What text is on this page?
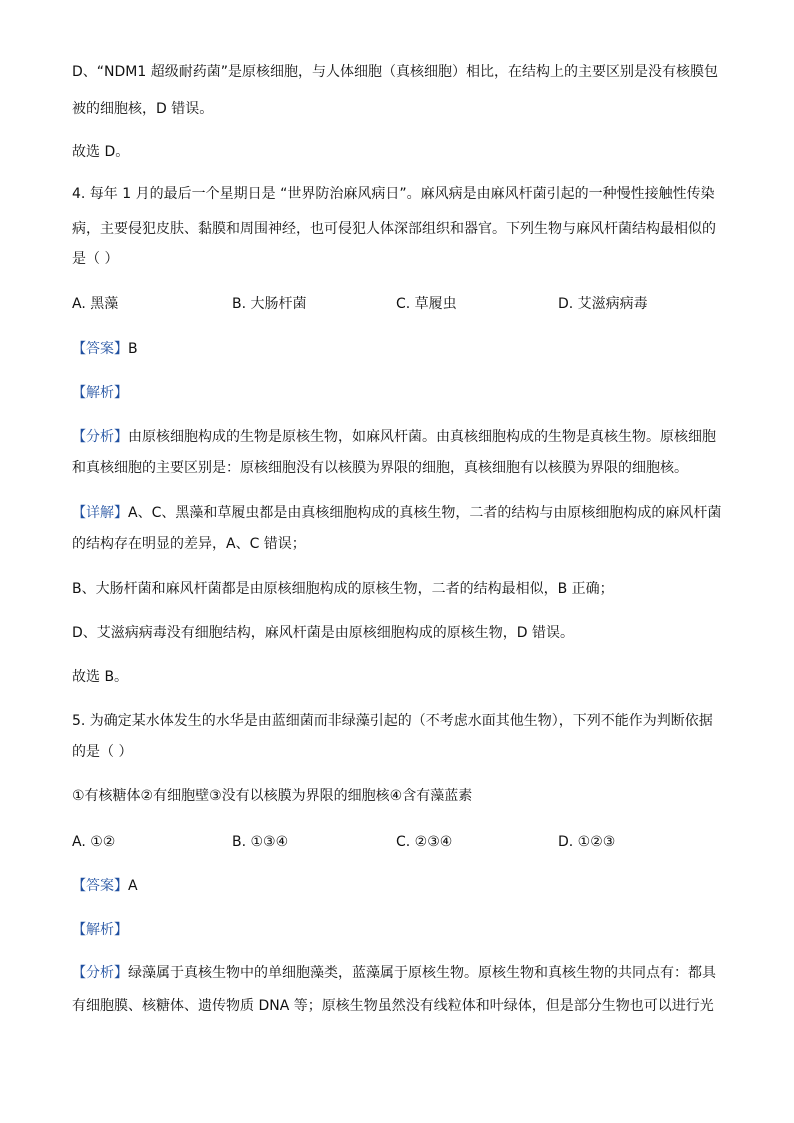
D、“NDM1 超级耐药菌”是原核细胞，与人体细胞（真核细胞）相比，在结构上的主要区别是没有核膜包
被的细胞核，D 错误。
故选 D。
4. 每年 1 月的最后一个星期日是 “世界防治麻风病日”。麻风病是由麻风杆菌引起的一种慢性接触性传染
病，主要侵犯皮肤、黏膜和周围神经，也可侵犯人体深部组织和器官。下列生物与麻风杆菌结构最相似的
是（ ）
A. 黑藻	B. 大肠杆菌	C. 草履虫	D. 艾滋病病毒
【答案】B
【解析】
【分析】由原核细胞构成的生物是原核生物，如麻风杆菌。由真核细胞构成的生物是真核生物。原核细胞
和真核细胞的主要区别是：原核细胞没有以核膜为界限的细胞，真核细胞有以核膜为界限的细胞核。
【详解】A、C、黑藻和草履虫都是由真核细胞构成的真核生物，二者的结构与由原核细胞构成的麻风杆菌
的结构存在明显的差异，A、C 错误；
B、大肠杆菌和麻风杆菌都是由原核细胞构成的原核生物，二者的结构最相似，B 正确；
D、艾滋病病毒没有细胞结构，麻风杆菌是由原核细胞构成的原核生物，D 错误。
故选 B。
5. 为确定某水体发生的水华是由蓝细菌而非绿藻引起的（不考虑水面其他生物），下列不能作为判断依据
的是（ ）
①有核糖体②有细胞壁③没有以核膜为界限的细胞核④含有藻蓝素
A. ①②	B. ①③④	C. ②③④	D. ①②③
【答案】A
【解析】
【分析】绿藻属于真核生物中的单细胞藻类，蓝藻属于原核生物。原核生物和真核生物的共同点有：都具
有细胞膜、核糖体、遗传物质 DNA 等；原核生物虽然没有线粒体和叶绿体，但是部分生物也可以进行光
